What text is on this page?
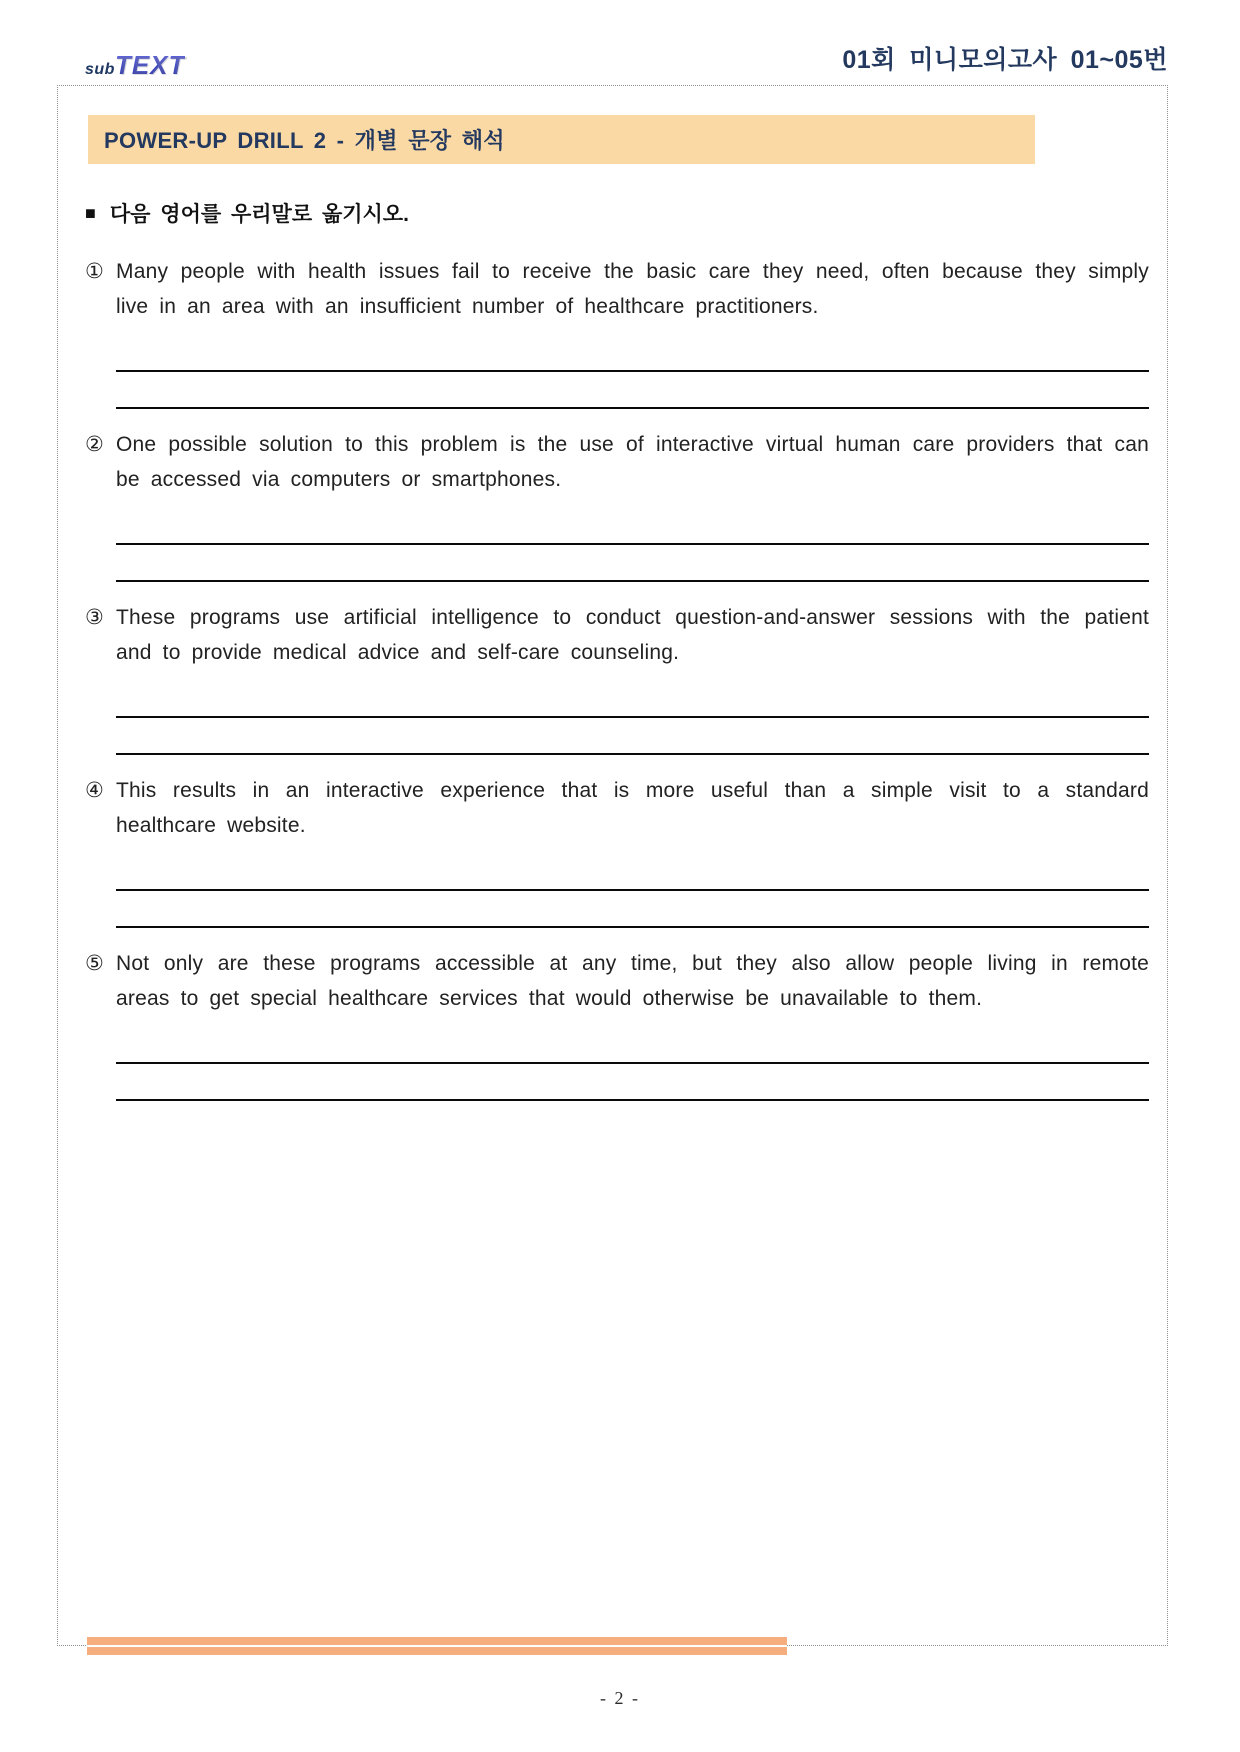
sub TEXT	01회 미니모의고사 01~05번
POWER-UP DRILL 2 - 개별 문장 해석
■ 다음 영어를 우리말로 옮기시오.
① Many people with health issues fail to receive the basic care they need, often because they simply live in an area with an insufficient number of healthcare practitioners.
② One possible solution to this problem is the use of interactive virtual human care providers that can be accessed via computers or smartphones.
③ These programs use artificial intelligence to conduct question-and-answer sessions with the patient and to provide medical advice and self-care counseling.
④ This results in an interactive experience that is more useful than a simple visit to a standard healthcare website.
⑤ Not only are these programs accessible at any time, but they also allow people living in remote areas to get special healthcare services that would otherwise be unavailable to them.
- 2 -
